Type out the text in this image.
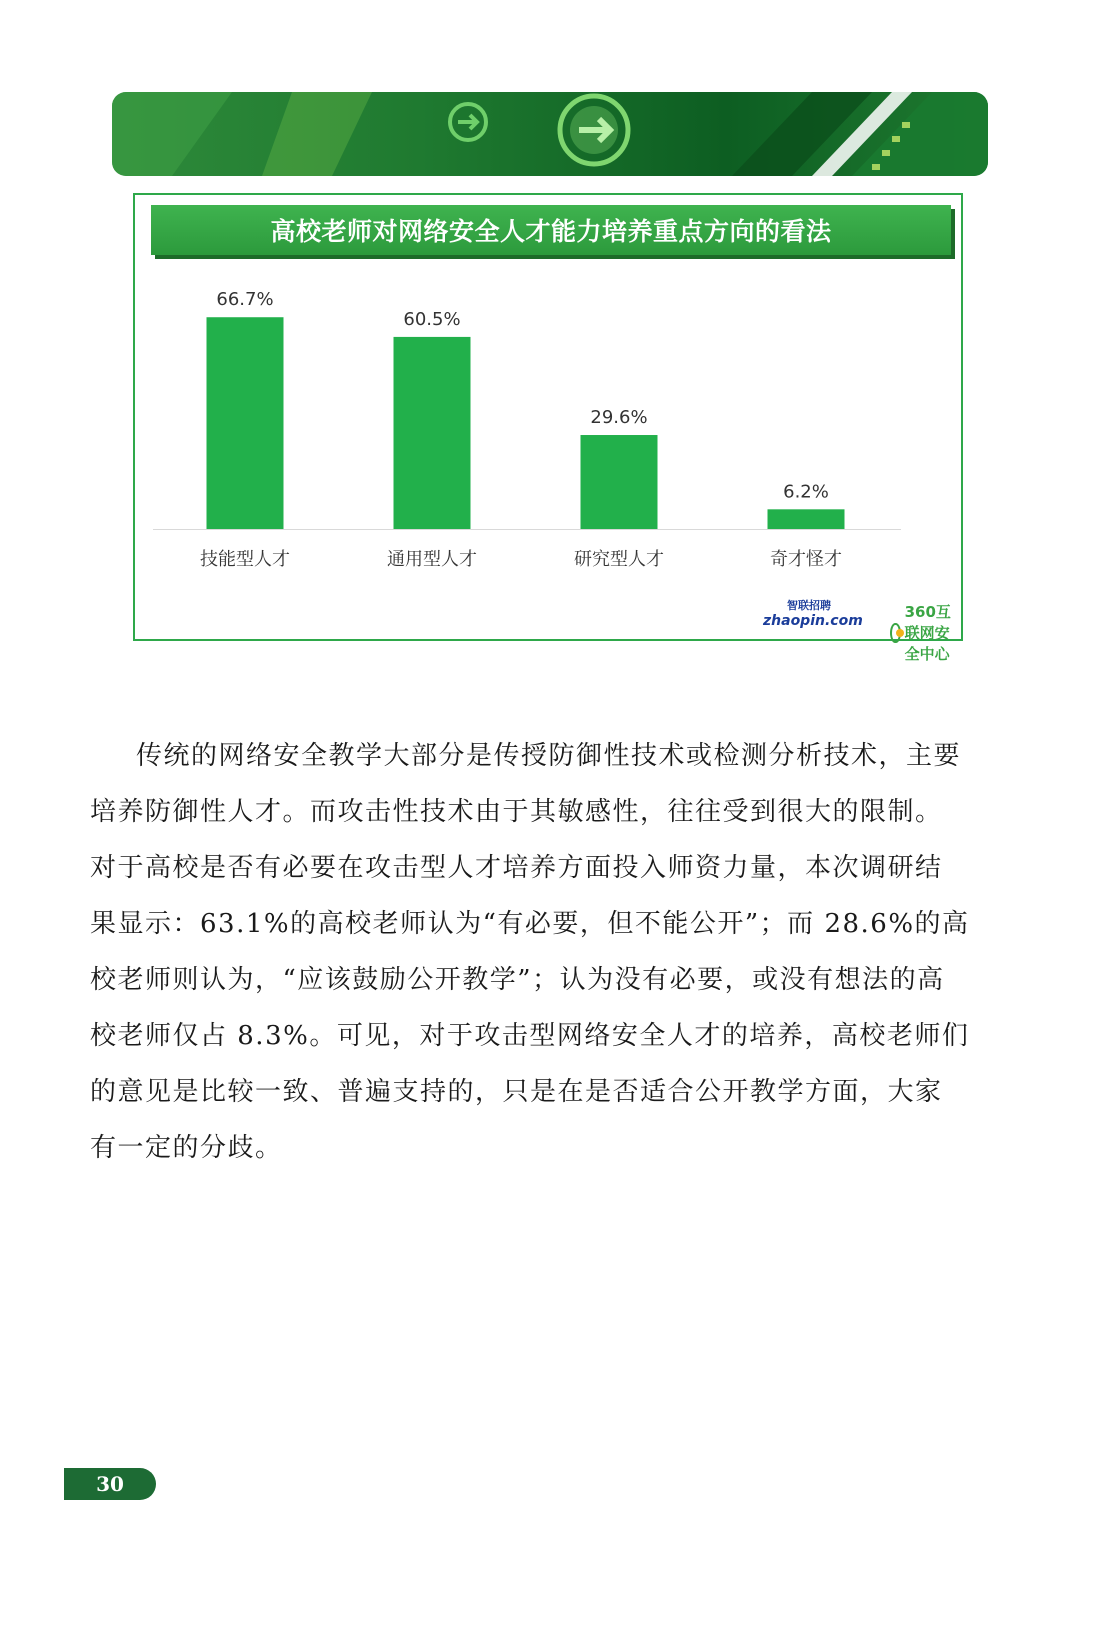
66.7%
技能型人才
60.5%
通用型人才
29.6%
研究型人才
6.2%
奇才怪才
高校老师对网络安全人才能力培养重点方向的看法
智联招聘
zhaopin.com	360互联网安全中心
传统的网络安全教学大部分是传授防御性技术或检测分析技术，主要
培养防御性人才。而攻击性技术由于其敏感性，往往受到很大的限制。
对于高校是否有必要在攻击型人才培养方面投入师资力量，本次调研结
果显示：63.1%的高校老师认为“有必要，但不能公开”；而 28.6%的高
校老师则认为，“应该鼓励公开教学”；认为没有必要，或没有想法的高
校老师仅占 8.3%。可见，对于攻击型网络安全人才的培养，高校老师们
的意见是比较一致、普遍支持的，只是在是否适合公开教学方面，大家
有一定的分歧。
30
